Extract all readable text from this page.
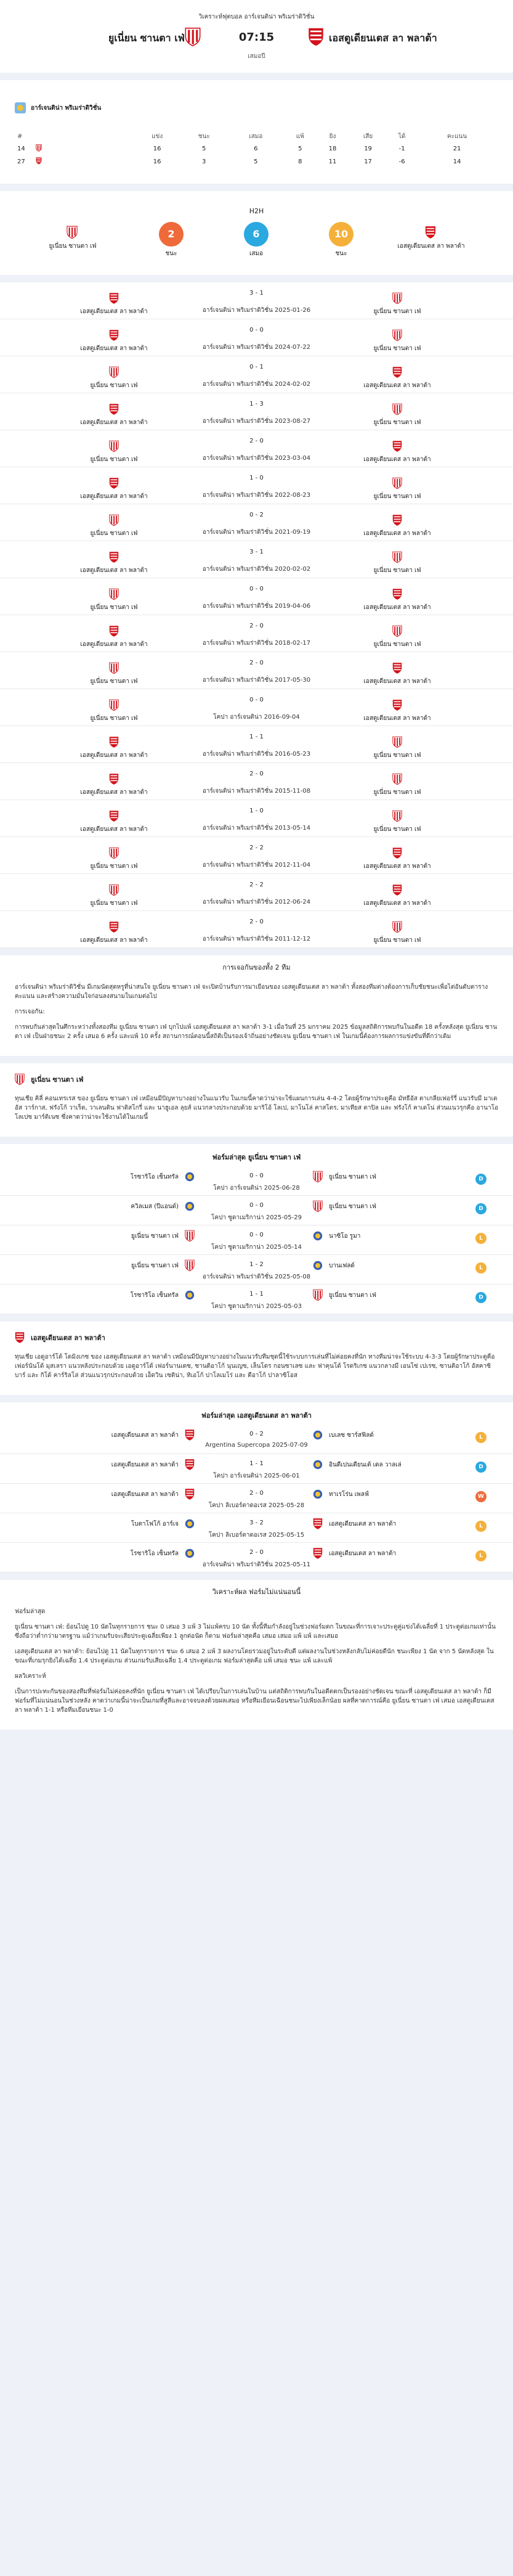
วิเคราะห์ฟุตบอล อาร์เจนติน่า พริเมร่าดิวิชั่น
ยูเนี่ยน ซานตา เฟ่	07:15	เอสตูเดียนเตส ลา พลาต้า
เสมอปี
อาร์เจนติน่า พริเมร่าดิวิชั่น
#		แข่ง	ชนะ	เสมอ	แพ้	ยิง	เสีย	ได้	คะแนน
14		16	5	6	5	18	19	-1	21
27		16	3	5	8	11	17	-6	14
H2H
ยูเนี่ยน ซานตา เฟ่
2
ชนะ
6
เสมอ
10
ชนะ
เอสตูเดียนเตส ลา พลาต้า
เอสตูเดียนเตส ลา พลาต้า
3 - 1
อาร์เจนติน่า พริเมร่าดิวิชั่น 2025-01-26	ยูเนี่ยน ซานตา เฟ่
เอสตูเดียนเตส ลา พลาต้า
0 - 0
อาร์เจนติน่า พริเมร่าดิวิชั่น 2024-07-22	ยูเนี่ยน ซานตา เฟ่
ยูเนี่ยน ซานตา เฟ่
0 - 1
อาร์เจนติน่า พริเมร่าดิวิชั่น 2024-02-02	เอสตูเดียนเตส ลา พลาต้า
เอสตูเดียนเตส ลา พลาต้า
1 - 3
อาร์เจนติน่า พริเมร่าดิวิชั่น 2023-08-27	ยูเนี่ยน ซานตา เฟ่
ยูเนี่ยน ซานตา เฟ่
2 - 0
อาร์เจนติน่า พริเมร่าดิวิชั่น 2023-03-04	เอสตูเดียนเตส ลา พลาต้า
เอสตูเดียนเตส ลา พลาต้า
1 - 0
อาร์เจนติน่า พริเมร่าดิวิชั่น 2022-08-23	ยูเนี่ยน ซานตา เฟ่
ยูเนี่ยน ซานตา เฟ่
0 - 2
อาร์เจนติน่า พริเมร่าดิวิชั่น 2021-09-19	เอสตูเดียนเตส ลา พลาต้า
เอสตูเดียนเตส ลา พลาต้า
3 - 1
อาร์เจนติน่า พริเมร่าดิวิชั่น 2020-02-02	ยูเนี่ยน ซานตา เฟ่
ยูเนี่ยน ซานตา เฟ่
0 - 0
อาร์เจนติน่า พริเมร่าดิวิชั่น 2019-04-06	เอสตูเดียนเตส ลา พลาต้า
เอสตูเดียนเตส ลา พลาต้า
2 - 0
อาร์เจนติน่า พริเมร่าดิวิชั่น 2018-02-17	ยูเนี่ยน ซานตา เฟ่
ยูเนี่ยน ซานตา เฟ่
2 - 0
อาร์เจนติน่า พริเมร่าดิวิชั่น 2017-05-30	เอสตูเดียนเตส ลา พลาต้า
ยูเนี่ยน ซานตา เฟ่
0 - 0
โคปา อาร์เจนติน่า 2016-09-04	เอสตูเดียนเตส ลา พลาต้า
เอสตูเดียนเตส ลา พลาต้า
1 - 1
อาร์เจนติน่า พริเมร่าดิวิชั่น 2016-05-23	ยูเนี่ยน ซานตา เฟ่
เอสตูเดียนเตส ลา พลาต้า
2 - 0
อาร์เจนติน่า พริเมร่าดิวิชั่น 2015-11-08	ยูเนี่ยน ซานตา เฟ่
เอสตูเดียนเตส ลา พลาต้า
1 - 0
อาร์เจนติน่า พริเมร่าดิวิชั่น 2013-05-14	ยูเนี่ยน ซานตา เฟ่
ยูเนี่ยน ซานตา เฟ่
2 - 2
อาร์เจนติน่า พริเมร่าดิวิชั่น 2012-11-04	เอสตูเดียนเตส ลา พลาต้า
ยูเนี่ยน ซานตา เฟ่
2 - 2
อาร์เจนติน่า พริเมร่าดิวิชั่น 2012-06-24	เอสตูเดียนเตส ลา พลาต้า
เอสตูเดียนเตส ลา พลาต้า
2 - 0
อาร์เจนติน่า พริเมร่าดิวิชั่น 2011-12-12	ยูเนี่ยน ซานตา เฟ่
การเจอกันของทั้ง 2 ทีม

อาร์เจนติน่า พริเมร่าดิวิชั่น มีเกมนัดสุดหรูที่น่าสนใจ ยูเนี่ยน ซานตา เฟ่ จะเปิดบ้านรับการมาเยือนของ เอสตูเดียนเตส ลา พลาต้า ทั้งสองทีมต่างต้องการเก็บชัยชนะเพื่อไต่อันดับตารางคะแนน และสร้างความมั่นใจก่อนลงสนามในเกมต่อไป

การเจอกัน:

การพบกันล่าสุดในศึกระหว่างทั้งสองทีม ยูเนี่ยน ซานตา เฟ่ บุกไปแพ้ เอสตูเดียนเตส ลา พลาต้า 3-1 เมื่อวันที่ 25 มกราคม 2025 ข้อมูลสถิติการพบกันในอดีต 18 ครั้งหลังสุด ยูเนี่ยน ซานตา เฟ่ เป็นฝ่ายชนะ 2 ครั้ง เสมอ 6 ครั้ง และแพ้ 10 ครั้ง สถานการณ์ตอนนี้สถิติเป็นรองเจ้าถิ่นอย่างชัดเจน ยูเนี่ยน ซานตา เฟ่ ในเกมนี้ต้องการผลการแข่งขันที่ดีกว่าเดิม

ยูเนี่ยน ซานตา เฟ่

ทุนเชีย คิลี่ คอนเทรเรส ของ ยูเนี่ยน ซานตา เฟ่ เหมือนมีปัญหาบางอย่างในแนวรับ ในเกมนี้คาดว่าน่าจะใช้แผนการเล่น 4-4-2 โดยผู้รักษาประตูคือ มัทธีอัส ตาเกลียเฟอร์รี่ แนวรับมี มาเตอัส วาร์กาส, ฟรังโก้ วาเร็ต, วาเลนติน ฟาติสโกรี่ และ นาฮูเอล ลุยส์ แนวกลางประกอบด้วย มาริโอ้ โลเป, มาโนโล่ คาสโตร, มาเทียส ตาปิล และ ฟรังโก้ คาเดโน่ ส่วนแนวรุกคือ อานาโอ โลเปซ มาร์ติเนซ ซึ่งคาดว่าน่าจะใช้งานได้ในเกมนี้

ฟอร์มล่าสุด ยูเนี่ยน ซานตา เฟ่
โรซาริโอ เซ็นทรัล	0 - 0	ยูเนี่ยน ซานตา เฟ่
โคปา อาร์เจนติน่า 2025-06-28
D
ควิลเมส (ปีแอนด์)	0 - 0	ยูเนี่ยน ซานตา เฟ่
โคปา ซูดาเมริกาน่า 2025-05-29
D
ยูเนี่ยน ซานตา เฟ่	0 - 0	นาซิโอ รูมา
โคปา ซูดาเมริกาน่า 2025-05-14
L
ยูเนี่ยน ซานตา เฟ่	1 - 2	บานเฟลด์
อาร์เจนติน่า พริเมร่าดิวิชั่น 2025-05-08
L
โรซาริโอ เซ็นทรัล	1 - 1	ยูเนี่ยน ซานตา เฟ่
โคปา ซูดาเมริกาน่า 2025-05-03
D
เอสตูเดียนเตส ลา พลาต้า

ทุนเชีย เอดูอาร์โด้ โดมิงเกซ ของ เอสตูเดียนเตส ลา พลาต้า เหมือนมีปัญหาบางอย่างในแนวรับทีมชุดนี้ใช้ระบบการเล่นที่ไม่ค่อยคงที่นัก ทางทีมน่าจะใช้ระบบ 4-3-3 โดยผู้รักษาประตูคือ เฟอร์นันโด้ มุสเลรา แนวหลังประกอบด้วย เอดูอาร์โด้ เฟอร์นานเดซ, ซานติอาโก้ นุนเญซ, เล็นโดร กอนซาเลซ และ ฟาคุนโด้ โรดริเกซ แนวกลางมี เอนโซ่ เปเรซ, ซานติอาโก้ อัสคาซิบาร์ และ กิโด้ คาร์ริลโล่ ส่วนแนวรุกประกอบด้วย เอ็ดวิน เซติน่า, ทิเอโก้ ปาโลเมโร่ และ ตีอาโก้ ปาลาซิโอส

ฟอร์มล่าสุด เอสตูเดียนเตส ลา พลาต้า
เอสตูเดียนเตส ลา พลาต้า	0 - 2	เบเลซ ซาร์สฟิลด์
Argentina Supercopa 2025-07-09
L
เอสตูเดียนเตส ลา พลาต้า	1 - 1	อินดีเปนเดียนเต้ เดล วาลเล่
โคปา อาร์เจนติน่า 2025-06-01
D
เอสตูเดียนเตส ลา พลาต้า	2 - 0	ทาเรโร่น เพลฟ์
โคปา ลิเบอร์ตาดอเรส 2025-05-28
W
โบตาโฟโก้ อาร์เจ	3 - 2	เอสตูเดียนเตส ลา พลาต้า
โคปา ลิเบอร์ตาดอเรส 2025-05-15
L
โรซาริโอ เซ็นทรัล	2 - 0	เอสตูเดียนเตส ลา พลาต้า
อาร์เจนติน่า พริเมร่าดิวิชั่น 2025-05-11
L
วิเคราะห์ผล ฟอร์มไม่แน่นอนนี้

ฟอร์มล่าสุด

ยูเนี่ยน ซานตา เฟ่: ย้อนไปดู 10 นัดในทุกรายการ ชนะ 0 เสมอ 3 แพ้ 3 ไม่แพ้ครบ 10 นัด ทั้งนี้ทีมกำลังอยู่ในช่วงฟอร์มตก ในขณะที่การเจาะประตูคู่แข่งได้เฉลี่ยที่ 1 ประตูต่อเกมเท่านั้น ซึ่งถือว่าต่ำกว่ามาตรฐาน แม้ว่าเกมรับจะเสียประตูเฉลี่ยเพียง 1 ลูกต่อนัด ก็ตาม ฟอร์มล่าสุดคือ เสมอ เสมอ แพ้ แพ้ และเสมอ

เอสตูเดียนเตส ลา พลาต้า: ย้อนไปดู 11 นัดในทุกรายการ ชนะ 6 เสมอ 2 แพ้ 3 ผลงานโดยรวมอยู่ในระดับดี แต่ผลงานในช่วงหลังกลับไม่ค่อยดีนัก ชนะเพียง 1 นัด จาก 5 นัดหลังสุด ในขณะที่เกมรุกยิงได้เฉลี่ย 1.4 ประตูต่อเกม ส่วนเกมรับเสียเฉลี่ย 1.4 ประตูต่อเกม ฟอร์มล่าสุดคือ แพ้ เสมอ ชนะ แพ้ และแพ้

ผลวิเคราะห์

เป็นการปะทะกันของสองทีมที่ฟอร์มไม่ค่อยคงที่นัก ยูเนี่ยน ซานตา เฟ่ ได้เปรียบในการเล่นในบ้าน แต่สถิติการพบกันในอดีตตกเป็นรองอย่างชัดเจน ขณะที่ เอสตูเดียนเตส ลา พลาต้า ก็มีฟอร์มที่ไม่แน่นอนในช่วงหลัง คาดว่าเกมนี้น่าจะเป็นเกมที่สูสีและอาจจบลงด้วยผลเสมอ หรือทีมเยือนเฉือนชนะไปเพียงเล็กน้อย ผลที่คาดการณ์คือ ยูเนี่ยน ซานตา เฟ่ เสมอ เอสตูเดียนเตส ลา พลาต้า 1-1 หรือทีมเยือนชนะ 1-0
